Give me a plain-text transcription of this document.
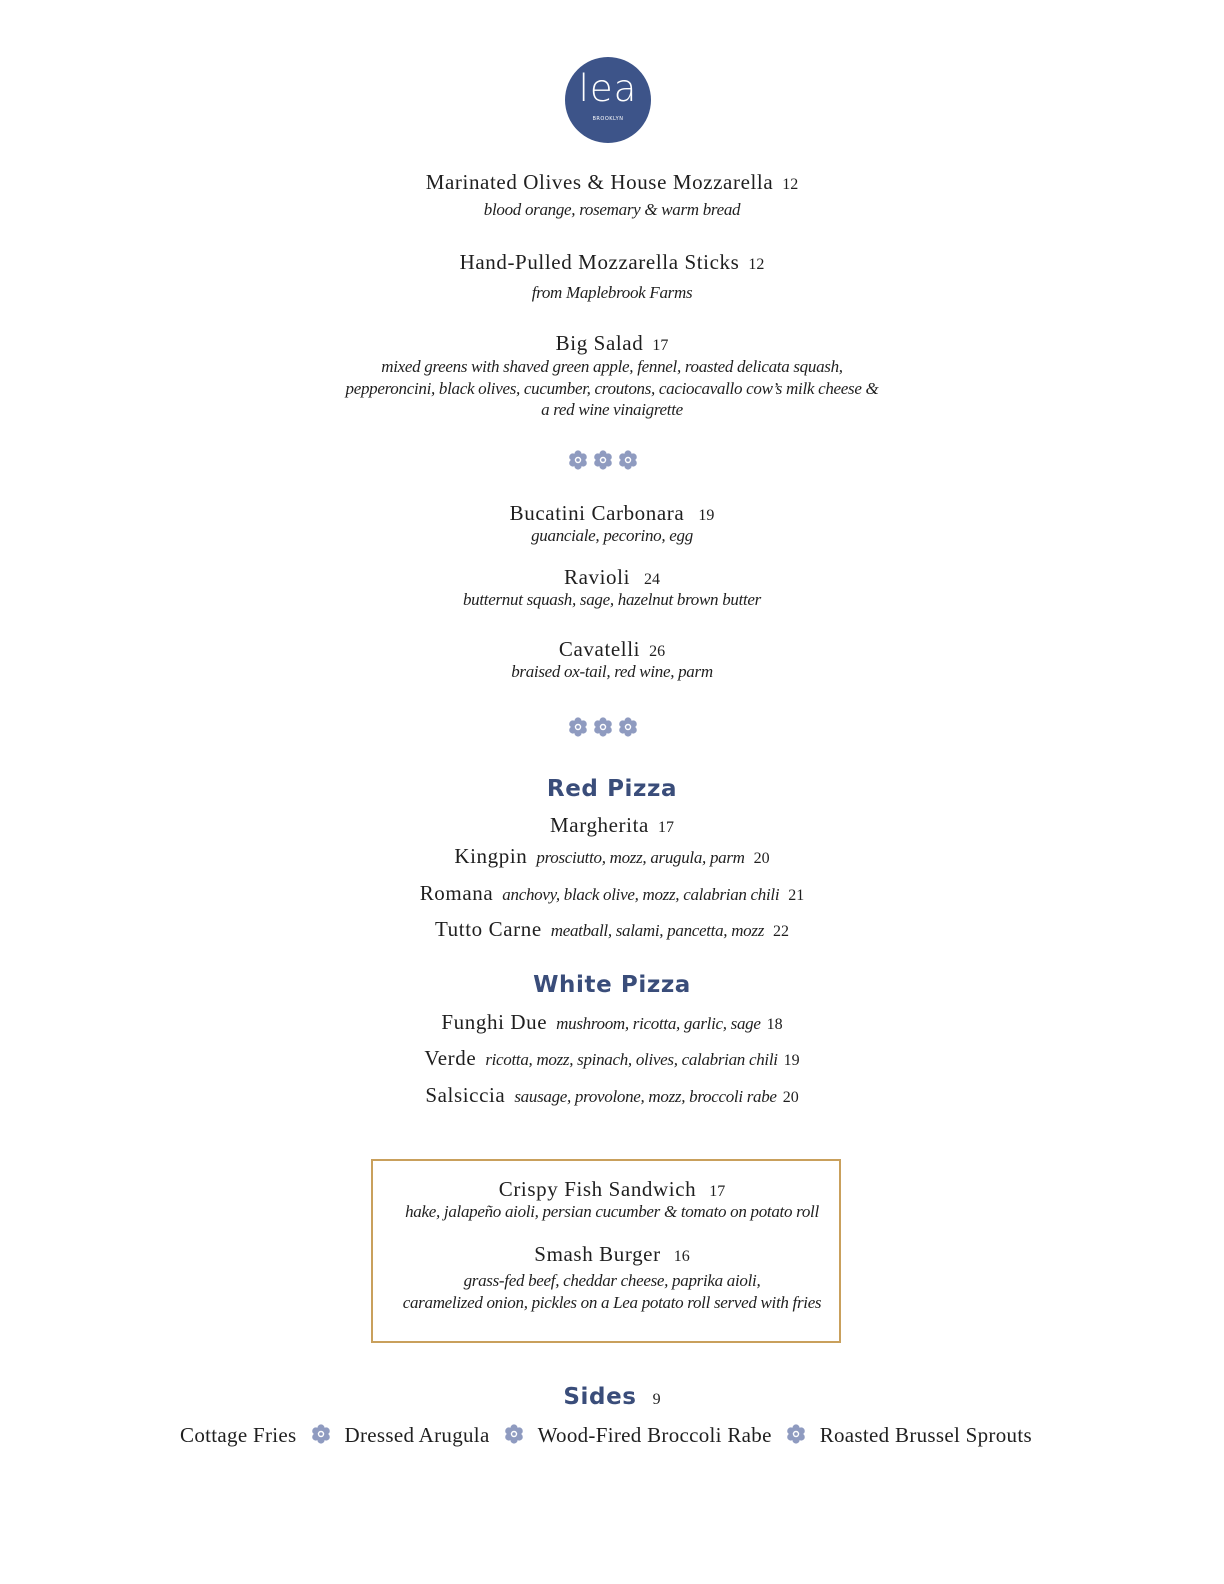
lea
BROOKLYN
Marinated Olives & House Mozzarella 12
blood orange, rosemary & warm bread
Hand-Pulled Mozzarella Sticks 12
from Maplebrook Farms
Big Salad 17
mixed greens with shaved green apple, fennel, roasted delicata squash,
pepperoncini, black olives, cucumber, croutons, caciocavallo cow’s milk cheese &
a red wine vinaigrette
Bucatini Carbonara 19
guanciale, pecorino, egg
Ravioli 24
butternut squash, sage, hazelnut brown butter
Cavatelli 26
braised ox-tail, red wine, parm
Red Pizza
Margherita 17
Kingpin prosciutto, mozz, arugula, parm 20
Romana anchovy, black olive, mozz, calabrian chili 21
Tutto Carne meatball, salami, pancetta, mozz 22
White Pizza
Funghi Due mushroom, ricotta, garlic, sage 18
Verde ricotta, mozz, spinach, olives, calabrian chili 19
Salsiccia sausage, provolone, mozz, broccoli rabe 20
Crispy Fish Sandwich 17
hake, jalapeño aioli, persian cucumber & tomato on potato roll
Smash Burger 16
grass-fed beef, cheddar cheese, paprika aioli,
caramelized onion, pickles on a Lea potato roll served with fries
Sides 9
Cottage Fries Dressed Arugula Wood-Fired Broccoli Rabe Roasted Brussel Sprouts
